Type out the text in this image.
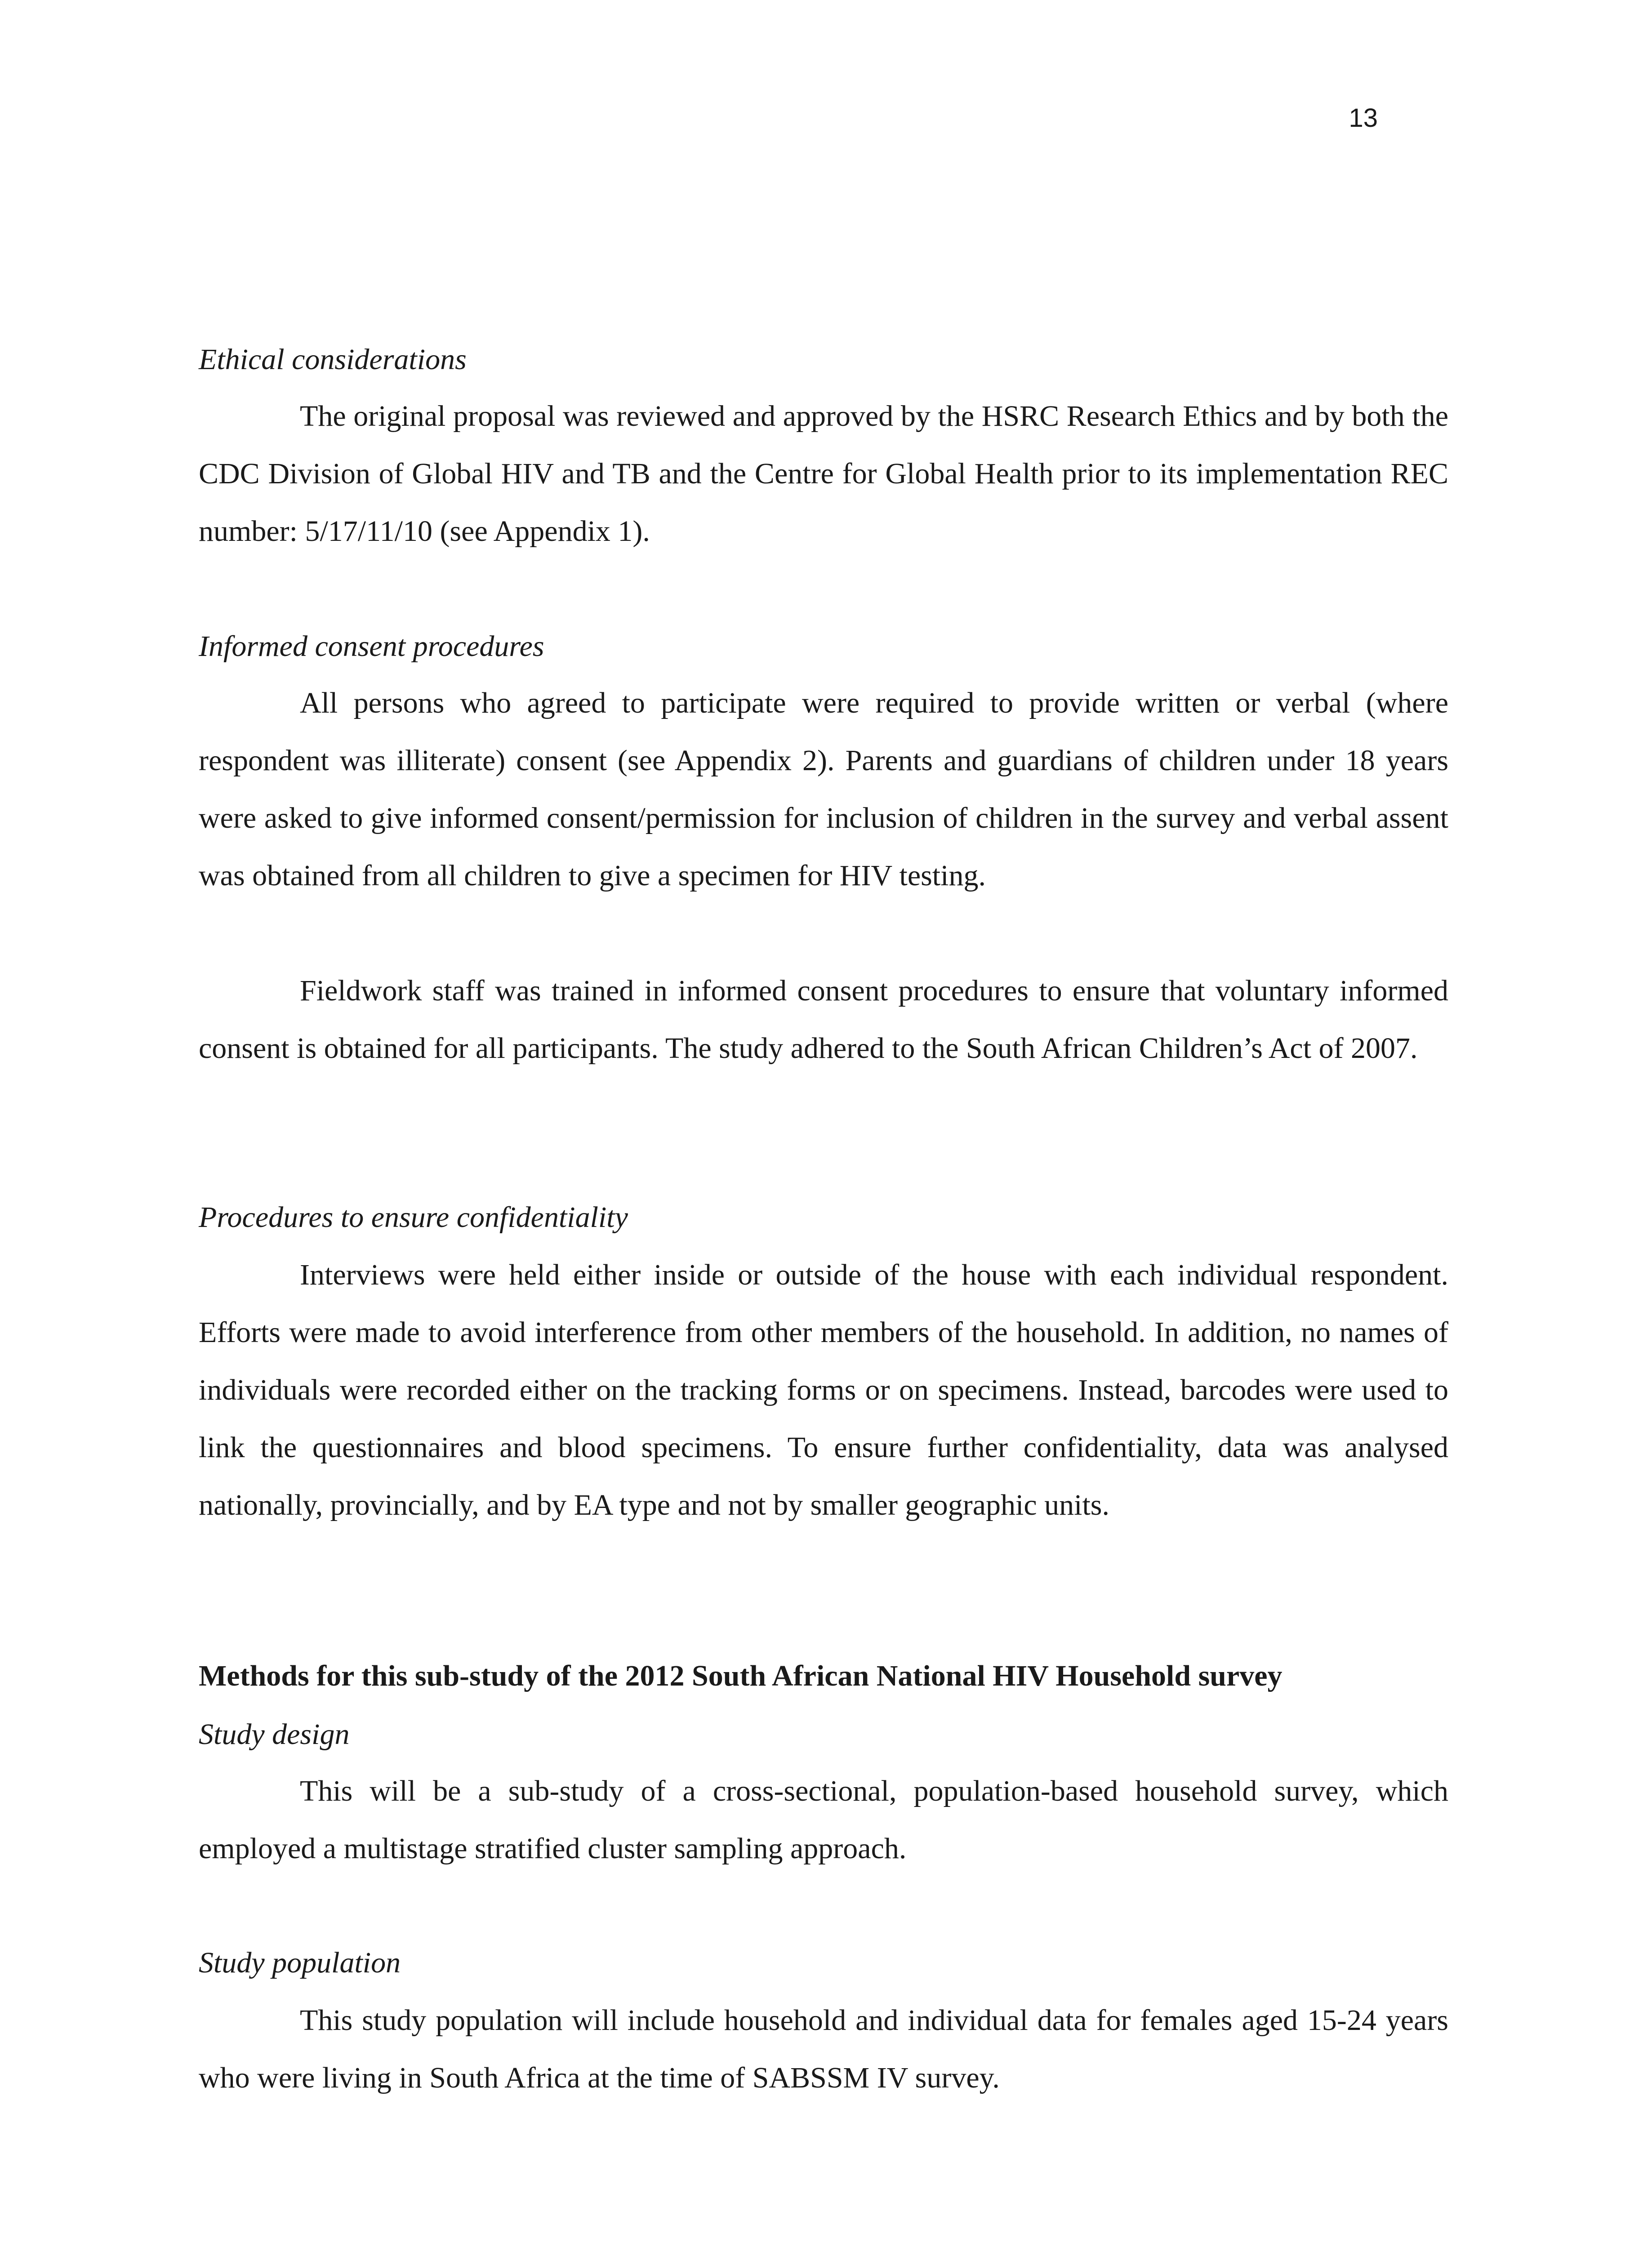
13
Ethical considerations

The original proposal was reviewed and approved by the HSRC Research Ethics and by both the CDC Division of Global HIV and TB and the Centre for Global Health prior to its implementation REC number: 5/17/11/10 (see Appendix 1).

Informed consent procedures

All persons who agreed to participate were required to provide written or verbal (where respondent was illiterate) consent (see Appendix 2). Parents and guardians of children under 18 years were asked to give informed consent/permission for inclusion of children in the survey and verbal assent was obtained from all children to give a specimen for HIV testing.

Fieldwork staff was trained in informed consent procedures to ensure that voluntary informed consent is obtained for all participants. The study adhered to the South African Children’s Act of 2007.

Procedures to ensure confidentiality

Interviews were held either inside or outside of the house with each individual respondent. Efforts were made to avoid interference from other members of the household. In addition, no names of individuals were recorded either on the tracking forms or on specimens. Instead, barcodes were used to link the questionnaires and blood specimens. To ensure further confidentiality, data was analysed nationally, provincially, and by EA type and not by smaller geographic units.

Methods for this sub-study of the 2012 South African National HIV Household survey
Study design

This will be a sub-study of a cross-sectional, population-based household survey, which employed a multistage stratified cluster sampling approach.

Study population

This study population will include household and individual data for females aged 15-24 years who were living in South Africa at the time of SABSSM IV survey.
